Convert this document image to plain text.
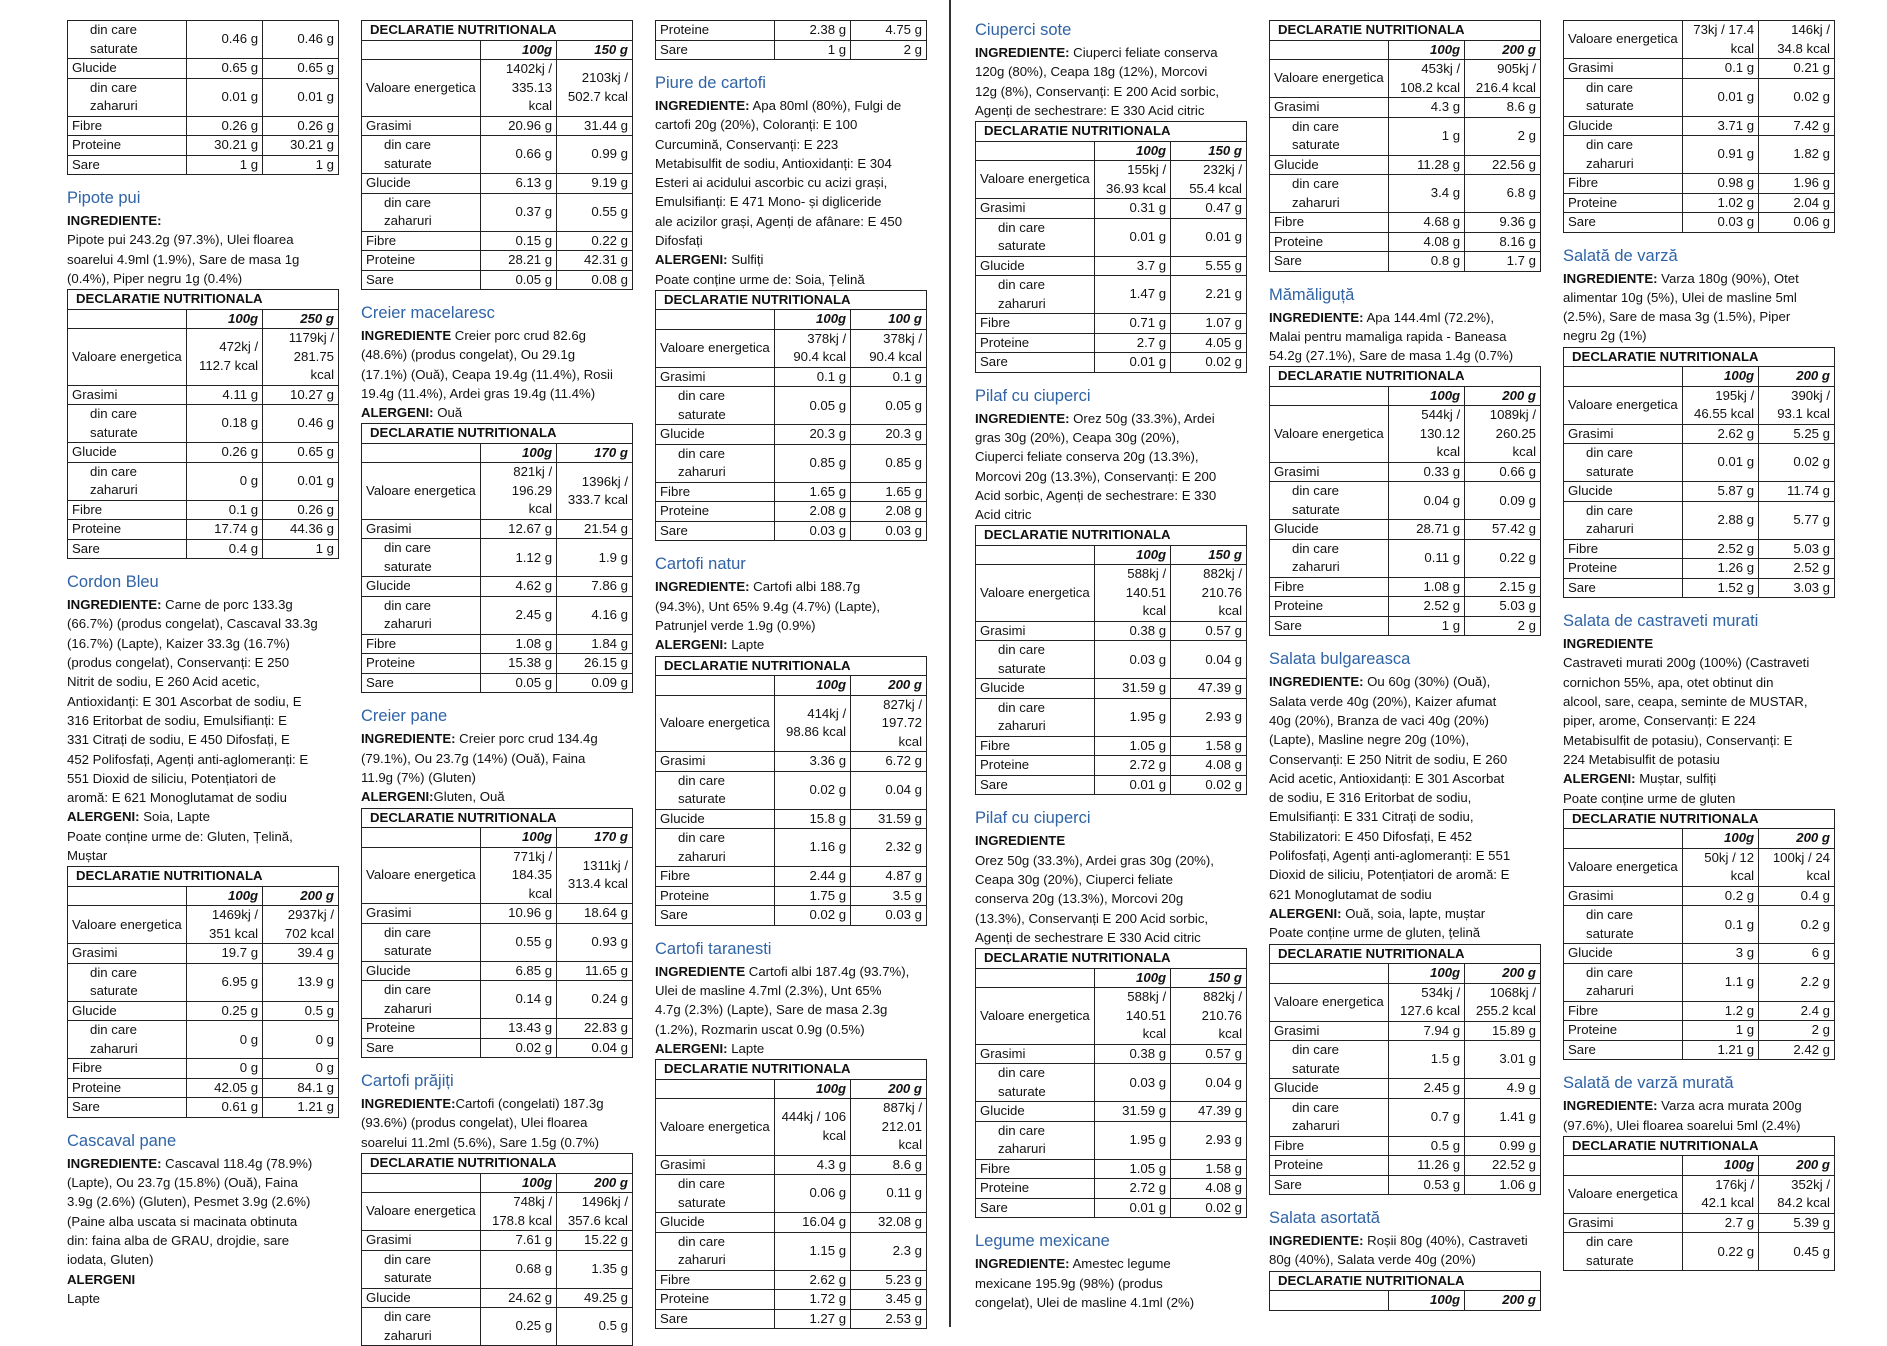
din care saturate	0.46 g	0.46 g
Glucide	0.65 g	0.65 g
din care zaharuri	0.01 g	0.01 g
Fibre	0.26 g	0.26 g
Proteine	30.21 g	30.21 g
Sare	1 g	1 g
Pipote pui
INGREDIENTE:
Pipote pui 243.2g (97.3%), Ulei floarea
soarelui 4.9ml (1.9%), Sare de masa 1g
(0.4%), Piper negru 1g (0.4%)
DECLARATIE NUTRITIONALA		
	100g	250 g
Valoare energetica	472kj / 112.7 kcal	1179kj / 281.75 kcal
Grasimi	4.11 g	10.27 g
din care saturate	0.18 g	0.46 g
Glucide	0.26 g	0.65 g
din care zaharuri	0 g	0.01 g
Fibre	0.1 g	0.26 g
Proteine	17.74 g	44.36 g
Sare	0.4 g	1 g
Cordon Bleu
INGREDIENTE: Carne de porc 133.3g
(66.7%) (produs congelat), Cascaval 33.3g
(16.7%) (Lapte), Kaizer 33.3g (16.7%)
(produs congelat), Conservanți: E 250
Nitrit de sodiu, E 260 Acid acetic,
Antioxidanți: E 301 Ascorbat de sodiu, E
316 Eritorbat de sodiu, Emulsifianți: E
331 Citrați de sodiu, E 450 Difosfați, E
452 Polifosfați, Agenți anti-aglomeranți: E
551 Dioxid de siliciu, Potențiatori de
aromă: E 621 Monoglutamat de sodiu
ALERGENI: Soia, Lapte
Poate conține urme de: Gluten, Țelină,
Muștar
DECLARATIE NUTRITIONALA		
	100g	200 g
Valoare energetica	1469kj / 351 kcal	2937kj / 702 kcal
Grasimi	19.7 g	39.4 g
din care saturate	6.95 g	13.9 g
Glucide	0.25 g	0.5 g
din care zaharuri	0 g	0 g
Fibre	0 g	0 g
Proteine	42.05 g	84.1 g
Sare	0.61 g	1.21 g
Cascaval pane
INGREDIENTE: Cascaval 118.4g (78.9%)
(Lapte), Ou 23.7g (15.8%) (Ouă), Faina
3.9g (2.6%) (Gluten), Pesmet 3.9g (2.6%)
(Paine alba uscata si macinata obtinuta
din: faina alba de GRAU, drojdie, sare
iodata, Gluten)
ALERGENI
Lapte
DECLARATIE NUTRITIONALA		
	100g	150 g
Valoare energetica	1402kj / 335.13 kcal	2103kj / 502.7 kcal
Grasimi	20.96 g	31.44 g
din care saturate	0.66 g	0.99 g
Glucide	6.13 g	9.19 g
din care zaharuri	0.37 g	0.55 g
Fibre	0.15 g	0.22 g
Proteine	28.21 g	42.31 g
Sare	0.05 g	0.08 g
Creier macelaresc
INGREDIENTE Creier porc crud 82.6g
(48.6%) (produs congelat), Ou 29.1g
(17.1%) (Ouă), Ceapa 19.4g (11.4%), Rosii
19.4g (11.4%), Ardei gras 19.4g (11.4%)
ALERGENI: Ouă
DECLARATIE NUTRITIONALA		
	100g	170 g
Valoare energetica	821kj / 196.29 kcal	1396kj / 333.7 kcal
Grasimi	12.67 g	21.54 g
din care saturate	1.12 g	1.9 g
Glucide	4.62 g	7.86 g
din care zaharuri	2.45 g	4.16 g
Fibre	1.08 g	1.84 g
Proteine	15.38 g	26.15 g
Sare	0.05 g	0.09 g
Creier pane
INGREDIENTE: Creier porc crud 134.4g
(79.1%), Ou 23.7g (14%) (Ouă), Faina
11.9g (7%) (Gluten)
ALERGENI:Gluten, Ouă
DECLARATIE NUTRITIONALA		
	100g	170 g
Valoare energetica	771kj / 184.35 kcal	1311kj / 313.4 kcal
Grasimi	10.96 g	18.64 g
din care saturate	0.55 g	0.93 g
Glucide	6.85 g	11.65 g
din care zaharuri	0.14 g	0.24 g
Proteine	13.43 g	22.83 g
Sare	0.02 g	0.04 g
Cartofi prăjiți
INGREDIENTE:Cartofi (congelati) 187.3g
(93.6%) (produs congelat), Ulei floarea
soarelui 11.2ml (5.6%), Sare 1.5g (0.7%)
DECLARATIE NUTRITIONALA		
	100g	200 g
Valoare energetica	748kj / 178.8 kcal	1496kj / 357.6 kcal
Grasimi	7.61 g	15.22 g
din care saturate	0.68 g	1.35 g
Glucide	24.62 g	49.25 g
din care zaharuri	0.25 g	0.5 g
Proteine	2.38 g	4.75 g
Sare	1 g	2 g
Piure de cartofi
INGREDIENTE: Apa 80ml (80%), Fulgi de
cartofi 20g (20%), Coloranți: E 100
Curcumină, Conservanți: E 223
Metabisulfit de sodiu, Antioxidanți: E 304
Esteri ai acidului ascorbic cu acizi grași,
Emulsifianți: E 471 Mono- și digliceride
ale acizilor grași, Agenți de afânare: E 450
Difosfați
ALERGENI: Sulfiți
Poate conține urme de: Soia, Țelină
DECLARATIE NUTRITIONALA		
	100g	100 g
Valoare energetica	378kj / 90.4 kcal	378kj / 90.4 kcal
Grasimi	0.1 g	0.1 g
din care saturate	0.05 g	0.05 g
Glucide	20.3 g	20.3 g
din care zaharuri	0.85 g	0.85 g
Fibre	1.65 g	1.65 g
Proteine	2.08 g	2.08 g
Sare	0.03 g	0.03 g
Cartofi natur
INGREDIENTE: Cartofi albi 188.7g
(94.3%), Unt 65% 9.4g (4.7%) (Lapte),
Patrunjel verde 1.9g (0.9%)
ALERGENI: Lapte
DECLARATIE NUTRITIONALA		
	100g	200 g
Valoare energetica	414kj / 98.86 kcal	827kj / 197.72 kcal
Grasimi	3.36 g	6.72 g
din care saturate	0.02 g	0.04 g
Glucide	15.8 g	31.59 g
din care zaharuri	1.16 g	2.32 g
Fibre	2.44 g	4.87 g
Proteine	1.75 g	3.5 g
Sare	0.02 g	0.03 g
Cartofi taranesti
INGREDIENTE Cartofi albi 187.4g (93.7%),
Ulei de masline 4.7ml (2.3%), Unt 65%
4.7g (2.3%) (Lapte), Sare de masa 2.3g
(1.2%), Rozmarin uscat 0.9g (0.5%)
ALERGENI: Lapte
DECLARATIE NUTRITIONALA		
	100g	200 g
Valoare energetica	444kj / 106 kcal	887kj / 212.01 kcal
Grasimi	4.3 g	8.6 g
din care saturate	0.06 g	0.11 g
Glucide	16.04 g	32.08 g
din care zaharuri	1.15 g	2.3 g
Fibre	2.62 g	5.23 g
Proteine	1.72 g	3.45 g
Sare	1.27 g	2.53 g
Ciuperci sote
INGREDIENTE: Ciuperci feliate conserva
120g (80%), Ceapa 18g (12%), Morcovi
12g (8%), Conservanți: E 200 Acid sorbic,
Agenți de sechestrare: E 330 Acid citric
DECLARATIE NUTRITIONALA		
	100g	150 g
Valoare energetica	155kj / 36.93 kcal	232kj / 55.4 kcal
Grasimi	0.31 g	0.47 g
din care saturate	0.01 g	0.01 g
Glucide	3.7 g	5.55 g
din care zaharuri	1.47 g	2.21 g
Fibre	0.71 g	1.07 g
Proteine	2.7 g	4.05 g
Sare	0.01 g	0.02 g
Pilaf cu ciuperci
INGREDIENTE: Orez 50g (33.3%), Ardei
gras 30g (20%), Ceapa 30g (20%),
Ciuperci feliate conserva 20g (13.3%),
Morcovi 20g (13.3%), Conservanți: E 200
Acid sorbic, Agenți de sechestrare: E 330
Acid citric
DECLARATIE NUTRITIONALA		
	100g	150 g
Valoare energetica	588kj / 140.51 kcal	882kj / 210.76 kcal
Grasimi	0.38 g	0.57 g
din care saturate	0.03 g	0.04 g
Glucide	31.59 g	47.39 g
din care zaharuri	1.95 g	2.93 g
Fibre	1.05 g	1.58 g
Proteine	2.72 g	4.08 g
Sare	0.01 g	0.02 g
Pilaf cu ciuperci
INGREDIENTE
Orez 50g (33.3%), Ardei gras 30g (20%),
Ceapa 30g (20%), Ciuperci feliate
conserva 20g (13.3%), Morcovi 20g
(13.3%), Conservanți E 200 Acid sorbic,
Agenți de sechestrare E 330 Acid citric
DECLARATIE NUTRITIONALA		
	100g	150 g
Valoare energetica	588kj / 140.51 kcal	882kj / 210.76 kcal
Grasimi	0.38 g	0.57 g
din care saturate	0.03 g	0.04 g
Glucide	31.59 g	47.39 g
din care zaharuri	1.95 g	2.93 g
Fibre	1.05 g	1.58 g
Proteine	2.72 g	4.08 g
Sare	0.01 g	0.02 g
Legume mexicane
INGREDIENTE: Amestec legume
mexicane 195.9g (98%) (produs
congelat), Ulei de masline 4.1ml (2%)
DECLARATIE NUTRITIONALA		
	100g	200 g
Valoare energetica	453kj / 108.2 kcal	905kj / 216.4 kcal
Grasimi	4.3 g	8.6 g
din care saturate	1 g	2 g
Glucide	11.28 g	22.56 g
din care zaharuri	3.4 g	6.8 g
Fibre	4.68 g	9.36 g
Proteine	4.08 g	8.16 g
Sare	0.8 g	1.7 g
Mămăliguță
INGREDIENTE: Apa 144.4ml (72.2%),
Malai pentru mamaliga rapida - Baneasa
54.2g (27.1%), Sare de masa 1.4g (0.7%)
DECLARATIE NUTRITIONALA		
	100g	200 g
Valoare energetica	544kj / 130.12 kcal	1089kj / 260.25 kcal
Grasimi	0.33 g	0.66 g
din care saturate	0.04 g	0.09 g
Glucide	28.71 g	57.42 g
din care zaharuri	0.11 g	0.22 g
Fibre	1.08 g	2.15 g
Proteine	2.52 g	5.03 g
Sare	1 g	2 g
Salata bulgareasca
INGREDIENTE: Ou 60g (30%) (Ouă),
Salata verde 40g (20%), Kaizer afumat
40g (20%), Branza de vaci 40g (20%)
(Lapte), Masline negre 20g (10%),
Conservanți: E 250 Nitrit de sodiu, E 260
Acid acetic, Antioxidanți: E 301 Ascorbat
de sodiu, E 316 Eritorbat de sodiu,
Emulsifianți: E 331 Citrați de sodiu,
Stabilizatori: E 450 Difosfați, E 452
Polifosfați, Agenți anti-aglomeranți: E 551
Dioxid de siliciu, Potențiatori de aromă: E
621 Monoglutamat de sodiu
ALERGENI: Ouă, soia, lapte, muștar
Poate conține urme de gluten, țelină
DECLARATIE NUTRITIONALA		
	100g	200 g
Valoare energetica	534kj / 127.6 kcal	1068kj / 255.2 kcal
Grasimi	7.94 g	15.89 g
din care saturate	1.5 g	3.01 g
Glucide	2.45 g	4.9 g
din care zaharuri	0.7 g	1.41 g
Fibre	0.5 g	0.99 g
Proteine	11.26 g	22.52 g
Sare	0.53 g	1.06 g
Salata asortată
INGREDIENTE: Roșii 80g (40%), Castraveti
80g (40%), Salata verde 40g (20%)
DECLARATIE NUTRITIONALA
	100g	200 g
Valoare energetica	73kj / 17.4 kcal	146kj / 34.8 kcal
Grasimi	0.1 g	0.21 g
din care saturate	0.01 g	0.02 g
Glucide	3.71 g	7.42 g
din care zaharuri	0.91 g	1.82 g
Fibre	0.98 g	1.96 g
Proteine	1.02 g	2.04 g
Sare	0.03 g	0.06 g
Salată de varză
INGREDIENTE: Varza 180g (90%), Otet
alimentar 10g (5%), Ulei de masline 5ml
(2.5%), Sare de masa 3g (1.5%), Piper
negru 2g (1%)
DECLARATIE NUTRITIONALA		
	100g	200 g
Valoare energetica	195kj / 46.55 kcal	390kj / 93.1 kcal
Grasimi	2.62 g	5.25 g
din care saturate	0.01 g	0.02 g
Glucide	5.87 g	11.74 g
din care zaharuri	2.88 g	5.77 g
Fibre	2.52 g	5.03 g
Proteine	1.26 g	2.52 g
Sare	1.52 g	3.03 g
Salata de castraveti murati
INGREDIENTE
Castraveti murati 200g (100%) (Castraveti
cornichon 55%, apa, otet obtinut din
alcool, sare, ceapa, seminte de MUSTAR,
piper, arome, Conservanți: E 224
Metabisulfit de potasiu), Conservanți: E
224 Metabisulfit de potasiu
ALERGENI: Muștar, sulfiți
Poate conține urme de gluten
DECLARATIE NUTRITIONALA		
	100g	200 g
Valoare energetica	50kj / 12 kcal	100kj / 24 kcal
Grasimi	0.2 g	0.4 g
din care saturate	0.1 g	0.2 g
Glucide	3 g	6 g
din care zaharuri	1.1 g	2.2 g
Fibre	1.2 g	2.4 g
Proteine	1 g	2 g
Sare	1.21 g	2.42 g
Salată de varză murată
INGREDIENTE: Varza acra murata 200g
(97.6%), Ulei floarea soarelui 5ml (2.4%)
DECLARATIE NUTRITIONALA		
	100g	200 g
Valoare energetica	176kj / 42.1 kcal	352kj / 84.2 kcal
Grasimi	2.7 g	5.39 g
din care saturate	0.22 g	0.45 g
